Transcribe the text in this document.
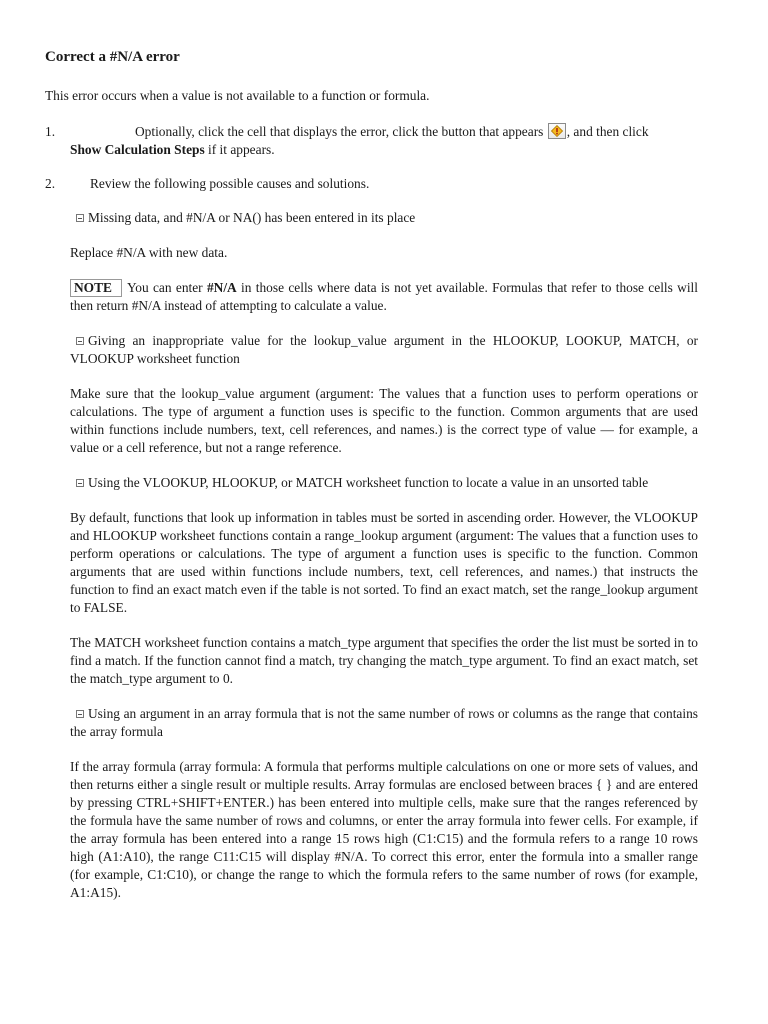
Correct a #N/A error

This error occurs when a value is not available to a function or formula.

1.	Optionally, click the cell that displays the error, click the button that appears , and then click
Show Calculation Steps if it appears.
2.	Review the following possible causes and solutions.

Missing data, and #N/A or NA() has been entered in its place

Replace #N/A with new data.

NOTE You can enter #N/A in those cells where data is not yet available. Formulas that refer to those cells will then return #N/A instead of attempting to calculate a value.

Giving an inappropriate value for the lookup_value argument in the HLOOKUP, LOOKUP, MATCH, or VLOOKUP worksheet function

Make sure that the lookup_value argument (argument: The values that a function uses to perform operations or calculations. The type of argument a function uses is specific to the function. Common arguments that are used within functions include numbers, text, cell references, and names.) is the correct type of value — for example, a value or a cell reference, but not a range reference.

Using the VLOOKUP, HLOOKUP, or MATCH worksheet function to locate a value in an unsorted table

By default, functions that look up information in tables must be sorted in ascending order. However, the VLOOKUP and HLOOKUP worksheet functions contain a range_lookup argument (argument: The values that a function uses to perform operations or calculations. The type of argument a function uses is specific to the function. Common arguments that are used within functions include numbers, text, cell references, and names.) that instructs the function to find an exact match even if the table is not sorted. To find an exact match, set the range_lookup argument to FALSE.

The MATCH worksheet function contains a match_type argument that specifies the order the list must be sorted in to find a match. If the function cannot find a match, try changing the match_type argument. To find an exact match, set the match_type argument to 0.

Using an argument in an array formula that is not the same number of rows or columns as the range that contains the array formula

If the array formula (array formula: A formula that performs multiple calculations on one or more sets of values, and then returns either a single result or multiple results. Array formulas are enclosed between braces { } and are entered by pressing CTRL+SHIFT+ENTER.) has been entered into multiple cells, make sure that the ranges referenced by the formula have the same number of rows and columns, or enter the array formula into fewer cells. For example, if the array formula has been entered into a range 15 rows high (C1:C15) and the formula refers to a range 10 rows high (A1:A10), the range C11:C15 will display #N/A. To correct this error, enter the formula into a smaller range (for example, C1:C10), or change the range to which the formula refers to the same number of rows (for example, A1:A15).
